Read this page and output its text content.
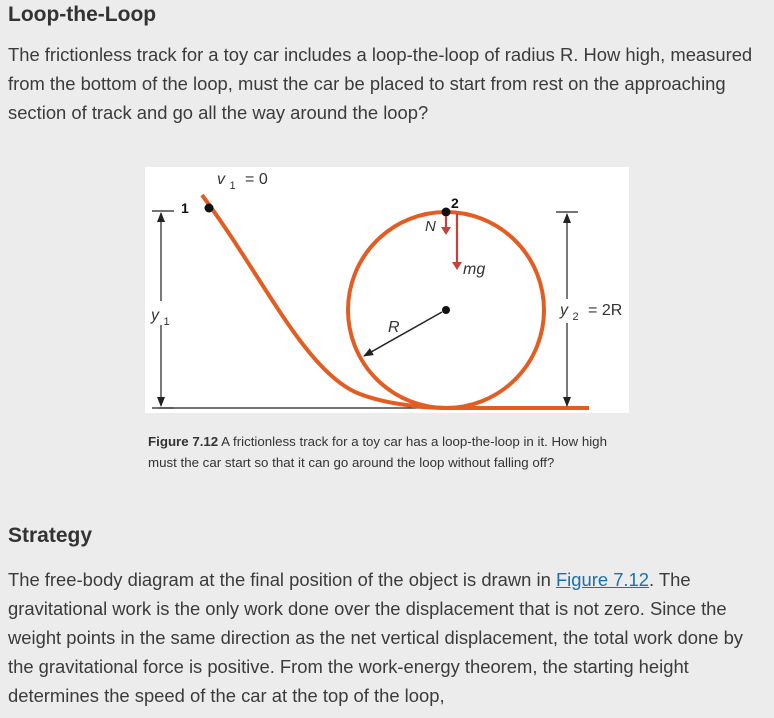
Loop-the-Loop

The frictionless track for a toy car includes a loop-the-loop of radius R. How high, measured from the bottom of the loop, must the car be placed to start from rest on the approaching section of track and go all the way around the loop?

1
v $_1$ = 0
2
N
mg
R
y $_1$
y $_2$ = 2R

Figure 7.12 A frictionless track for a toy car has a loop-the-loop in it. How high must the car start so that it can go around the loop without falling off?

Strategy

The free-body diagram at the final position of the object is drawn in Figure 7.12. The gravitational work is the only work done over the displacement that is not zero. Since the weight points in the same direction as the net vertical displacement, the total work done by the gravitational force is positive. From the work-energy theorem, the starting height determines the speed of the car at the top of the loop,
